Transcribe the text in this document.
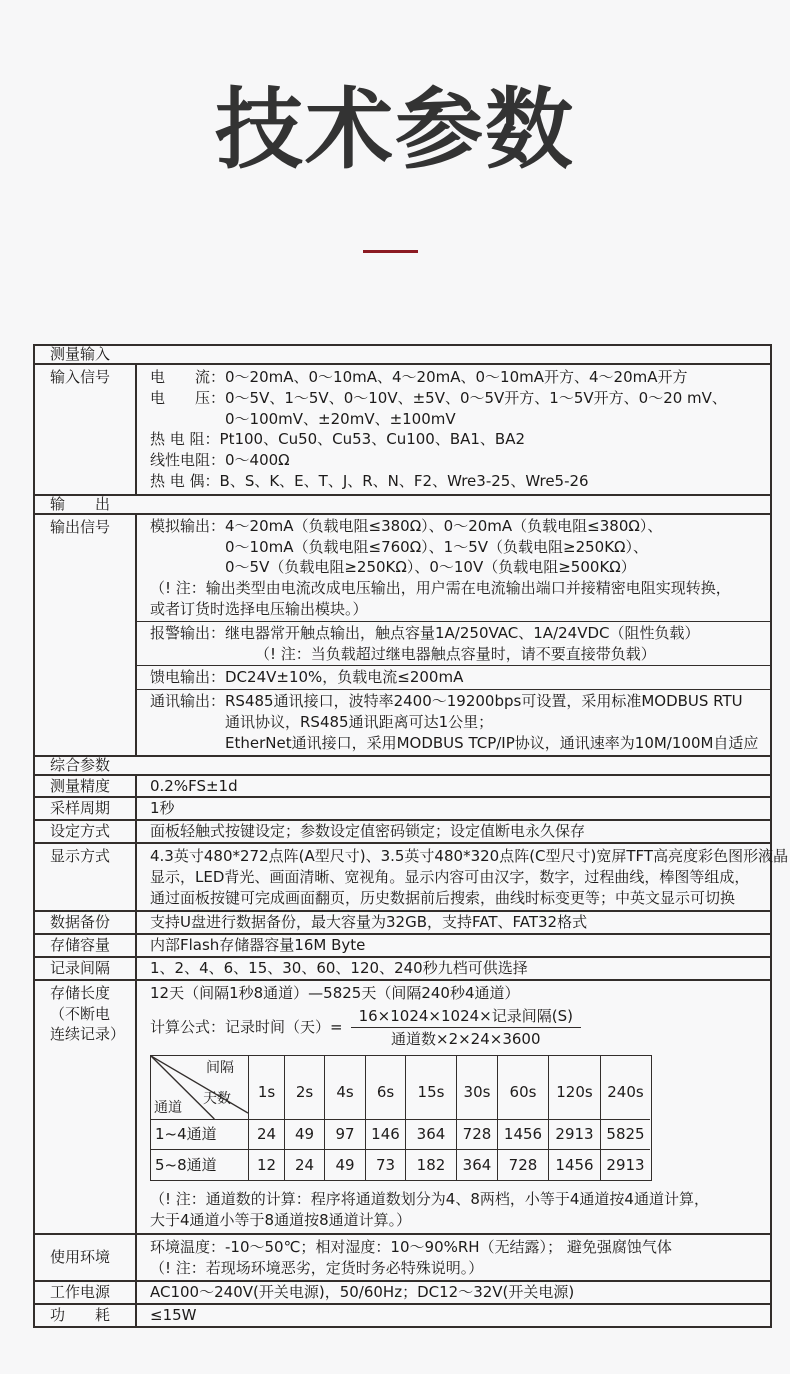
技术参数
测量输入
输入信号	电　　流：0～20mA、0～10mA、4～20mA、0～10mA开方、4～20mA开方
电　　压：0～5V、1～5V、0～10V、±5V、0～5V开方、1～5V开方、0～20 mV、
0～100mV、±20mV、±100mV
热 电 阻：Pt100、Cu50、Cu53、Cu100、BA1、BA2
线性电阻：0～400Ω
热 电 偶：B、S、K、E、T、J、R、N、F2、Wre3-25、Wre5-26
输　　出
输出信号	模拟输出：4～20mA（负载电阻≤380Ω）、0～20mA（负载电阻≤380Ω）、
0～10mA（负载电阻≤760Ω）、1～5V（负载电阻≥250KΩ）、
0～5V（负载电阻≥250KΩ）、0～10V（负载电阻≥500KΩ）
（! 注：输出类型由电流改成电压输出，用户需在电流输出端口并接精密电阻实现转换，
或者订货时选择电压输出模块。）
报警输出：继电器常开触点输出，触点容量1A/250VAC、1A/24VDC（阻性负载）
（! 注：当负载超过继电器触点容量时，请不要直接带负载）
馈电输出：DC24V±10%，负载电流≤200mA
通讯输出：RS485通讯接口，波特率2400～19200bps可设置，采用标准MODBUS RTU
通讯协议，RS485通讯距离可达1公里；
EtherNet通讯接口，采用MODBUS TCP/IP协议，通讯速率为10M/100M自适应
综合参数
测量精度	0.2%FS±1d
采样周期	1秒
设定方式	面板轻触式按键设定；参数设定值密码锁定；设定值断电永久保存
显示方式	4.3英寸480*272点阵(A型尺寸)、3.5英寸480*320点阵(C型尺寸)宽屏TFT高亮度彩色图形液晶
显示，LED背光、画面清晰、宽视角。显示内容可由汉字，数字，过程曲线，棒图等组成，
通过面板按键可完成画面翻页，历史数据前后搜索，曲线时标变更等；中英文显示可切换
数据备份	支持U盘进行数据备份，最大容量为32GB，支持FAT、FAT32格式
存储容量	内部Flash存储器容量16M Byte
记录间隔	1、2、4、6、15、30、60、120、240秒九档可供选择
存储长度
（不断电
连续记录）
12天（间隔1秒8通道）—5825天（间隔240秒4通道）
计算公式：记录时间（天）= $\frac{\text{16×1024×1024×记录间隔(S)}}{\text{通道数×2×24×3600}}$
间隔
天数
通道
1s	2s	4s	6s	15s	30s	60s	120s 240s
1~4通道	24	49	97	146	364	728 1456 2913 5825
5~8通道	12	24	49	73	182	364	728	1456 2913
（! 注：通道数的计算：程序将通道数划分为4、8两档，小等于4通道按4通道计算，
大于4通道小等于8通道按8通道计算。）
使用环境
环境温度：-10～50℃；相对湿度：10～90%RH（无结露）； 避免强腐蚀气体
（! 注：若现场环境恶劣，定货时务必特殊说明。）
工作电源	AC100～240V(开关电源)，50/60Hz；DC12～32V(开关电源)
功　　耗	≤15W
